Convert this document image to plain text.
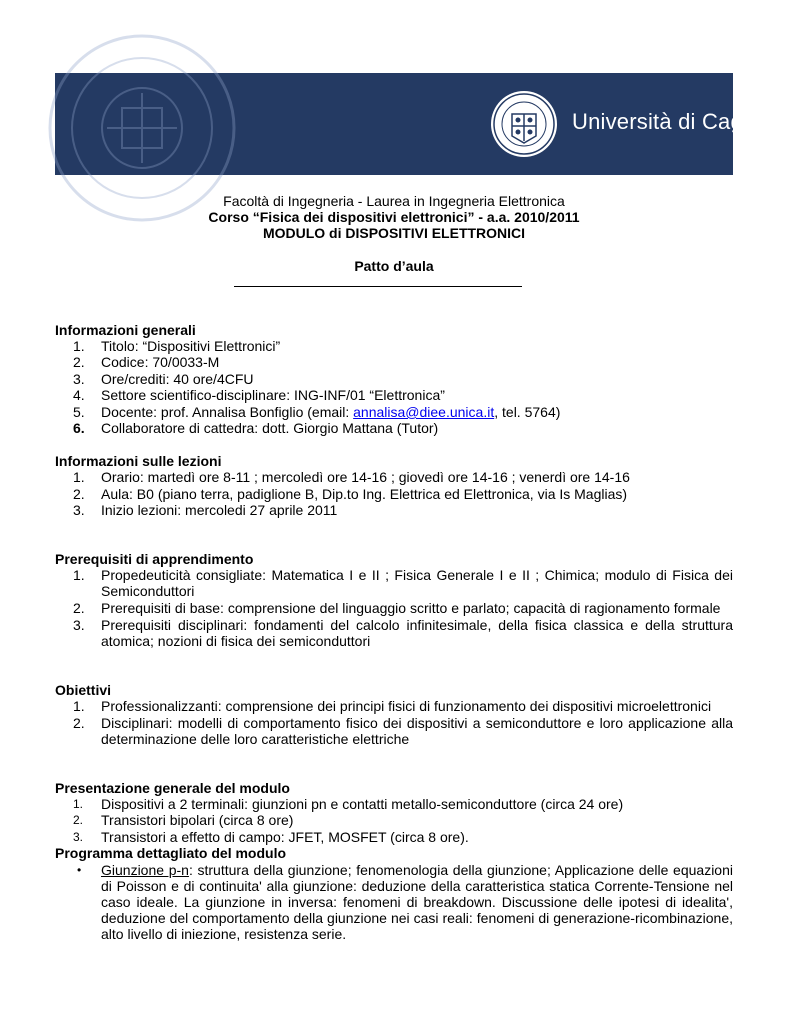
Università di Cagliari
Facoltà di Ingegneria - Laurea in Ingegneria Elettronica
Corso “Fisica dei dispositivi elettronici” - a.a. 2010/2011
MODULO di DISPOSITIVI ELETTRONICI
Patto d’aula
Informazioni generali
1.	Titolo: “Dispositivi Elettronici”
2.	Codice: 70/0033-M
3.	Ore/crediti: 40 ore/4CFU
4.	Settore scientifico-disciplinare: ING-INF/01 “Elettronica”
5.	Docente: prof. Annalisa Bonfiglio (email: annalisa@diee.unica.it, tel. 5764)
6.	Collaboratore di cattedra: dott. Giorgio Mattana (Tutor)
Informazioni sulle lezioni
1.	Orario: martedì ore 8-11 ; mercoledì ore 14-16 ; giovedì ore 14-16 ; venerdì ore 14-16
2.	Aula: B0 (piano terra, padiglione B, Dip.to Ing. Elettrica ed Elettronica, via Is Maglias)
3.	Inizio lezioni: mercoledi 27 aprile 2011
Prerequisiti di apprendimento
1.	Propedeuticità consigliate: Matematica I e II ; Fisica Generale I e II ; Chimica; modulo di Fisica dei Semiconduttori
2.	Prerequisiti di base: comprensione del linguaggio scritto e parlato; capacità di ragionamento formale
3.	Prerequisiti disciplinari: fondamenti del calcolo infinitesimale, della fisica classica e della struttura atomica; nozioni di fisica dei semiconduttori
Obiettivi
1.	Professionalizzanti: comprensione dei principi fisici di funzionamento dei dispositivi microelettronici
2.	Disciplinari: modelli di comportamento fisico dei dispositivi a semiconduttore e loro applicazione alla determinazione delle loro caratteristiche elettriche
Presentazione generale del modulo
1.	Dispositivi a 2 terminali: giunzioni pn e contatti metallo-semiconduttore (circa 24 ore)
2.	Transistori bipolari (circa 8 ore)
3.	Transistori a effetto di campo: JFET, MOSFET (circa 8 ore).
Programma dettagliato del modulo
•	Giunzione p-n: struttura della giunzione; fenomenologia della giunzione; Applicazione delle equazioni di Poisson e di continuita' alla giunzione: deduzione della caratteristica statica Corrente-Tensione nel caso ideale. La giunzione in inversa: fenomeni di breakdown. Discussione delle ipotesi di idealita', deduzione del comportamento della giunzione nei casi reali: fenomeni di generazione-ricombinazione, alto livello di iniezione, resistenza serie.
